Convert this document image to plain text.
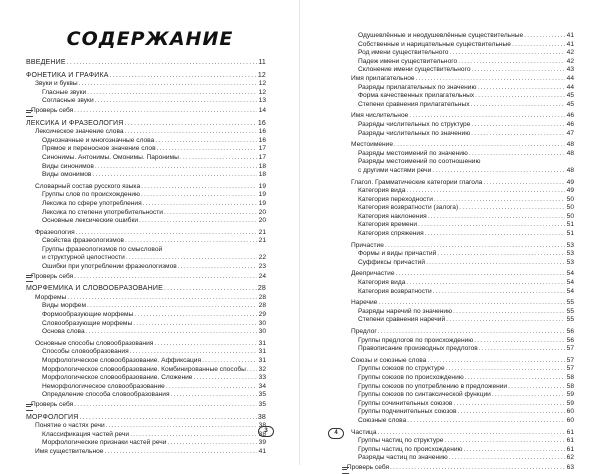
СОДЕРЖАНИЕ
ВВЕДЕНИЕ .....	11
ФОНЕТИКА И ГРАФИКА .....	12
Звуки и буквы .....	12
Гласные звуки .....	12
Согласные звуки .....	13
Проверь себя .....	14
ЛЕКСИКА И ФРАЗЕОЛОГИЯ .....	16
Лексическое значение слова .....	16
Однозначные и многозначные слова .....	16
Прямое и переносное значение слов .....	17
Синонимы. Антонимы. Омонимы. Паронимы .....	17
Виды синонимов .....	18
Виды омонимов .....	18
Словарный состав русского языка .....	19
Группы слов по происхождению .....	19
Лексика по сфере употребления .....	19
Лексика по степени употребительности .....	20
Основные лексические ошибки .....	20
Фразеология .....	21
Свойства фразеологизмов .....	21
Группы фразеологизмов по смысловой
и структурной целостности .....	22
Ошибки при употреблении фразеологизмов .....	23
Проверь себя .....	24
МОРФЕМИКА И СЛОВООБРАЗОВАНИЕ .....	28
Морфемы .....	28
Виды морфем .....	28
Формообразующие морфемы .....	29
Словообразующие морфемы .....	30
Основа слова .....	30
Основные способы словообразования .....	31
Способы словообразования .....	31
Морфологическое словообразование. Аффиксация .....	31
Морфологическое словообразование. Комбинированные способы ..... 32
Морфологическое словообразование. Сложение .....	33
Неморфологическое словообразование .....	34
Определение способа словообразования .....	35
Проверь себя .....	35
МОРФОЛОГИЯ .....	38
Понятие о частях речи .....	38
Классификация частей речи .....	38
Морфологические признаки частей речи .....	39
Имя существительное .....	41
3
Одушевлённые и неодушевлённые существительные .....	41
Собственные и нарицательные существительные .....	41
Род имени существительного .....	42
Падеж имени существительного .....	42
Склонение имени существительного .....	43
Имя прилагательное .....	44
Разряды прилагательных по значению .....	44
Форма качественных прилагательных .....	45
Степени сравнения прилагательных .....	45
Имя числительное .....	46
Разряды числительных по структуре .....	46
Разряды числительных по значению .....	47
Местоимение .....	48
Разряды местоимений по значению .....	48
Разряды местоимений по соотношению
с другими частями речи .....	48
Глагол. Грамматические категории глагола .....	49
Категория вида .....	49
Категория переходности .....	50
Категория возвратности (залога) .....	50
Категория наклонения .....	50
Категория времени .....	51
Категория спряжения .....	51
Причастие .....	53
Формы и виды причастий .....	53
Суффиксы причастий .....	53
Деепричастие .....	54
Категория вида .....	54
Категория возвратности .....	54
Наречие .....	55
Разряды наречий по значению .....	55
Степени сравнения наречий .....	55
Предлог .....	56
Группы предлогов по происхождению .....	56
Правописание производных предлогов .....	57
Союзы и союзные слова .....	57
Группы союзов по структуре .....	57
Группы союзов по происхождению .....	58
Группы союзов по употреблению в предложении .....	58
Группы союзов по синтаксической функции .....	59
Группы сочинительных союзов .....	59
Группы подчинительных союзов .....	60
Союзные слова .....	60
Частица .....	61
Группы частиц по структуре .....	61
Группы частиц по происхождению .....	61
Разряды частиц по значению .....	62
Проверь себя .....	63
4
